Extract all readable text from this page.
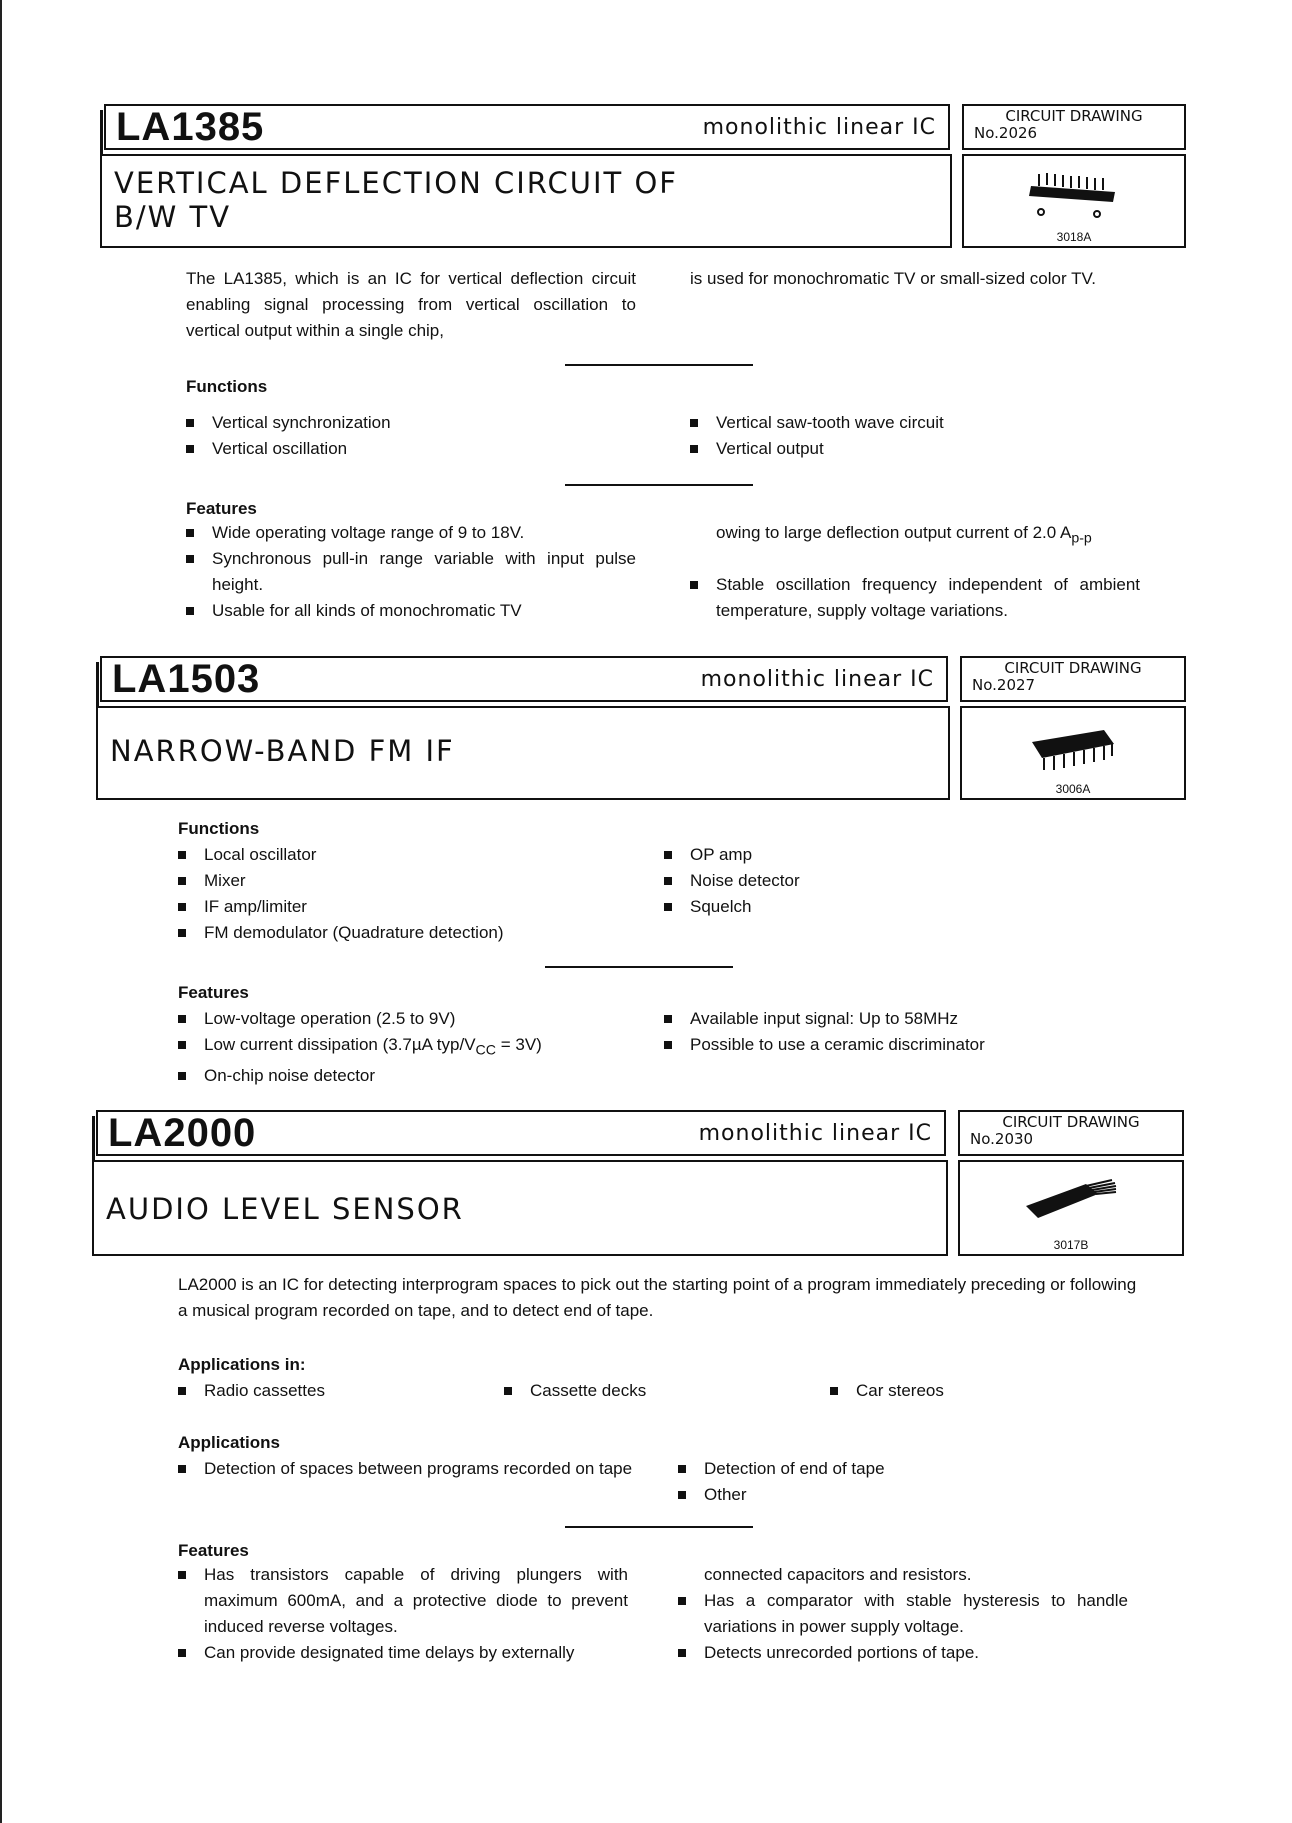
LA1385	monolithic linear IC	CIRCUIT DRAWING
No.2026
VERTICAL DEFLECTION CIRCUIT OF
B/W TV
3018A
The LA1385, which is an IC for vertical deflection circuit enabling signal processing from vertical oscillation to vertical output within a single chip,
is used for monochromatic TV or small-sized color TV.
Functions
Vertical synchronization
Vertical oscillation
Vertical saw-tooth wave circuit
Vertical output
Features
Wide operating voltage range of 9 to 18V.
Synchronous pull-in range variable with input pulse height.
Usable for all kinds of monochromatic TV
owing to large deflection output current of 2.0 $A_{p-p}$
Stable oscillation frequency independent of ambient temperature, supply voltage variations.
LA1503	monolithic linear IC	CIRCUIT DRAWING
No.2027
NARROW-BAND FM IF
3006A
Functions
Local oscillator
Mixer
IF amp/limiter
FM demodulator (Quadrature detection)
OP amp
Noise detector
Squelch
Features
Low-voltage operation (2.5 to 9V)
Low current dissipation (3.7µA typ/$V_{CC} = 3V$)
On-chip noise detector
Available input signal: Up to 58MHz
Possible to use a ceramic discriminator
LA2000	monolithic linear IC	CIRCUIT DRAWING
No.2030
AUDIO LEVEL SENSOR
3017B
LA2000 is an IC for detecting interprogram spaces to pick out the starting point of a program immediately preceding or following a musical program recorded on tape, and to detect end of tape.
Applications in:
Radio cassettes	Cassette decks	Car stereos
Applications
Detection of spaces between programs recorded on tape	Detection of end of tape
Other
Features
Has transistors capable of driving plungers with maximum 600mA, and a protective diode to prevent induced reverse voltages.
Can provide designated time delays by externally
connected capacitors and resistors.
Has a comparator with stable hysteresis to handle variations in power supply voltage.
Detects unrecorded portions of tape.
